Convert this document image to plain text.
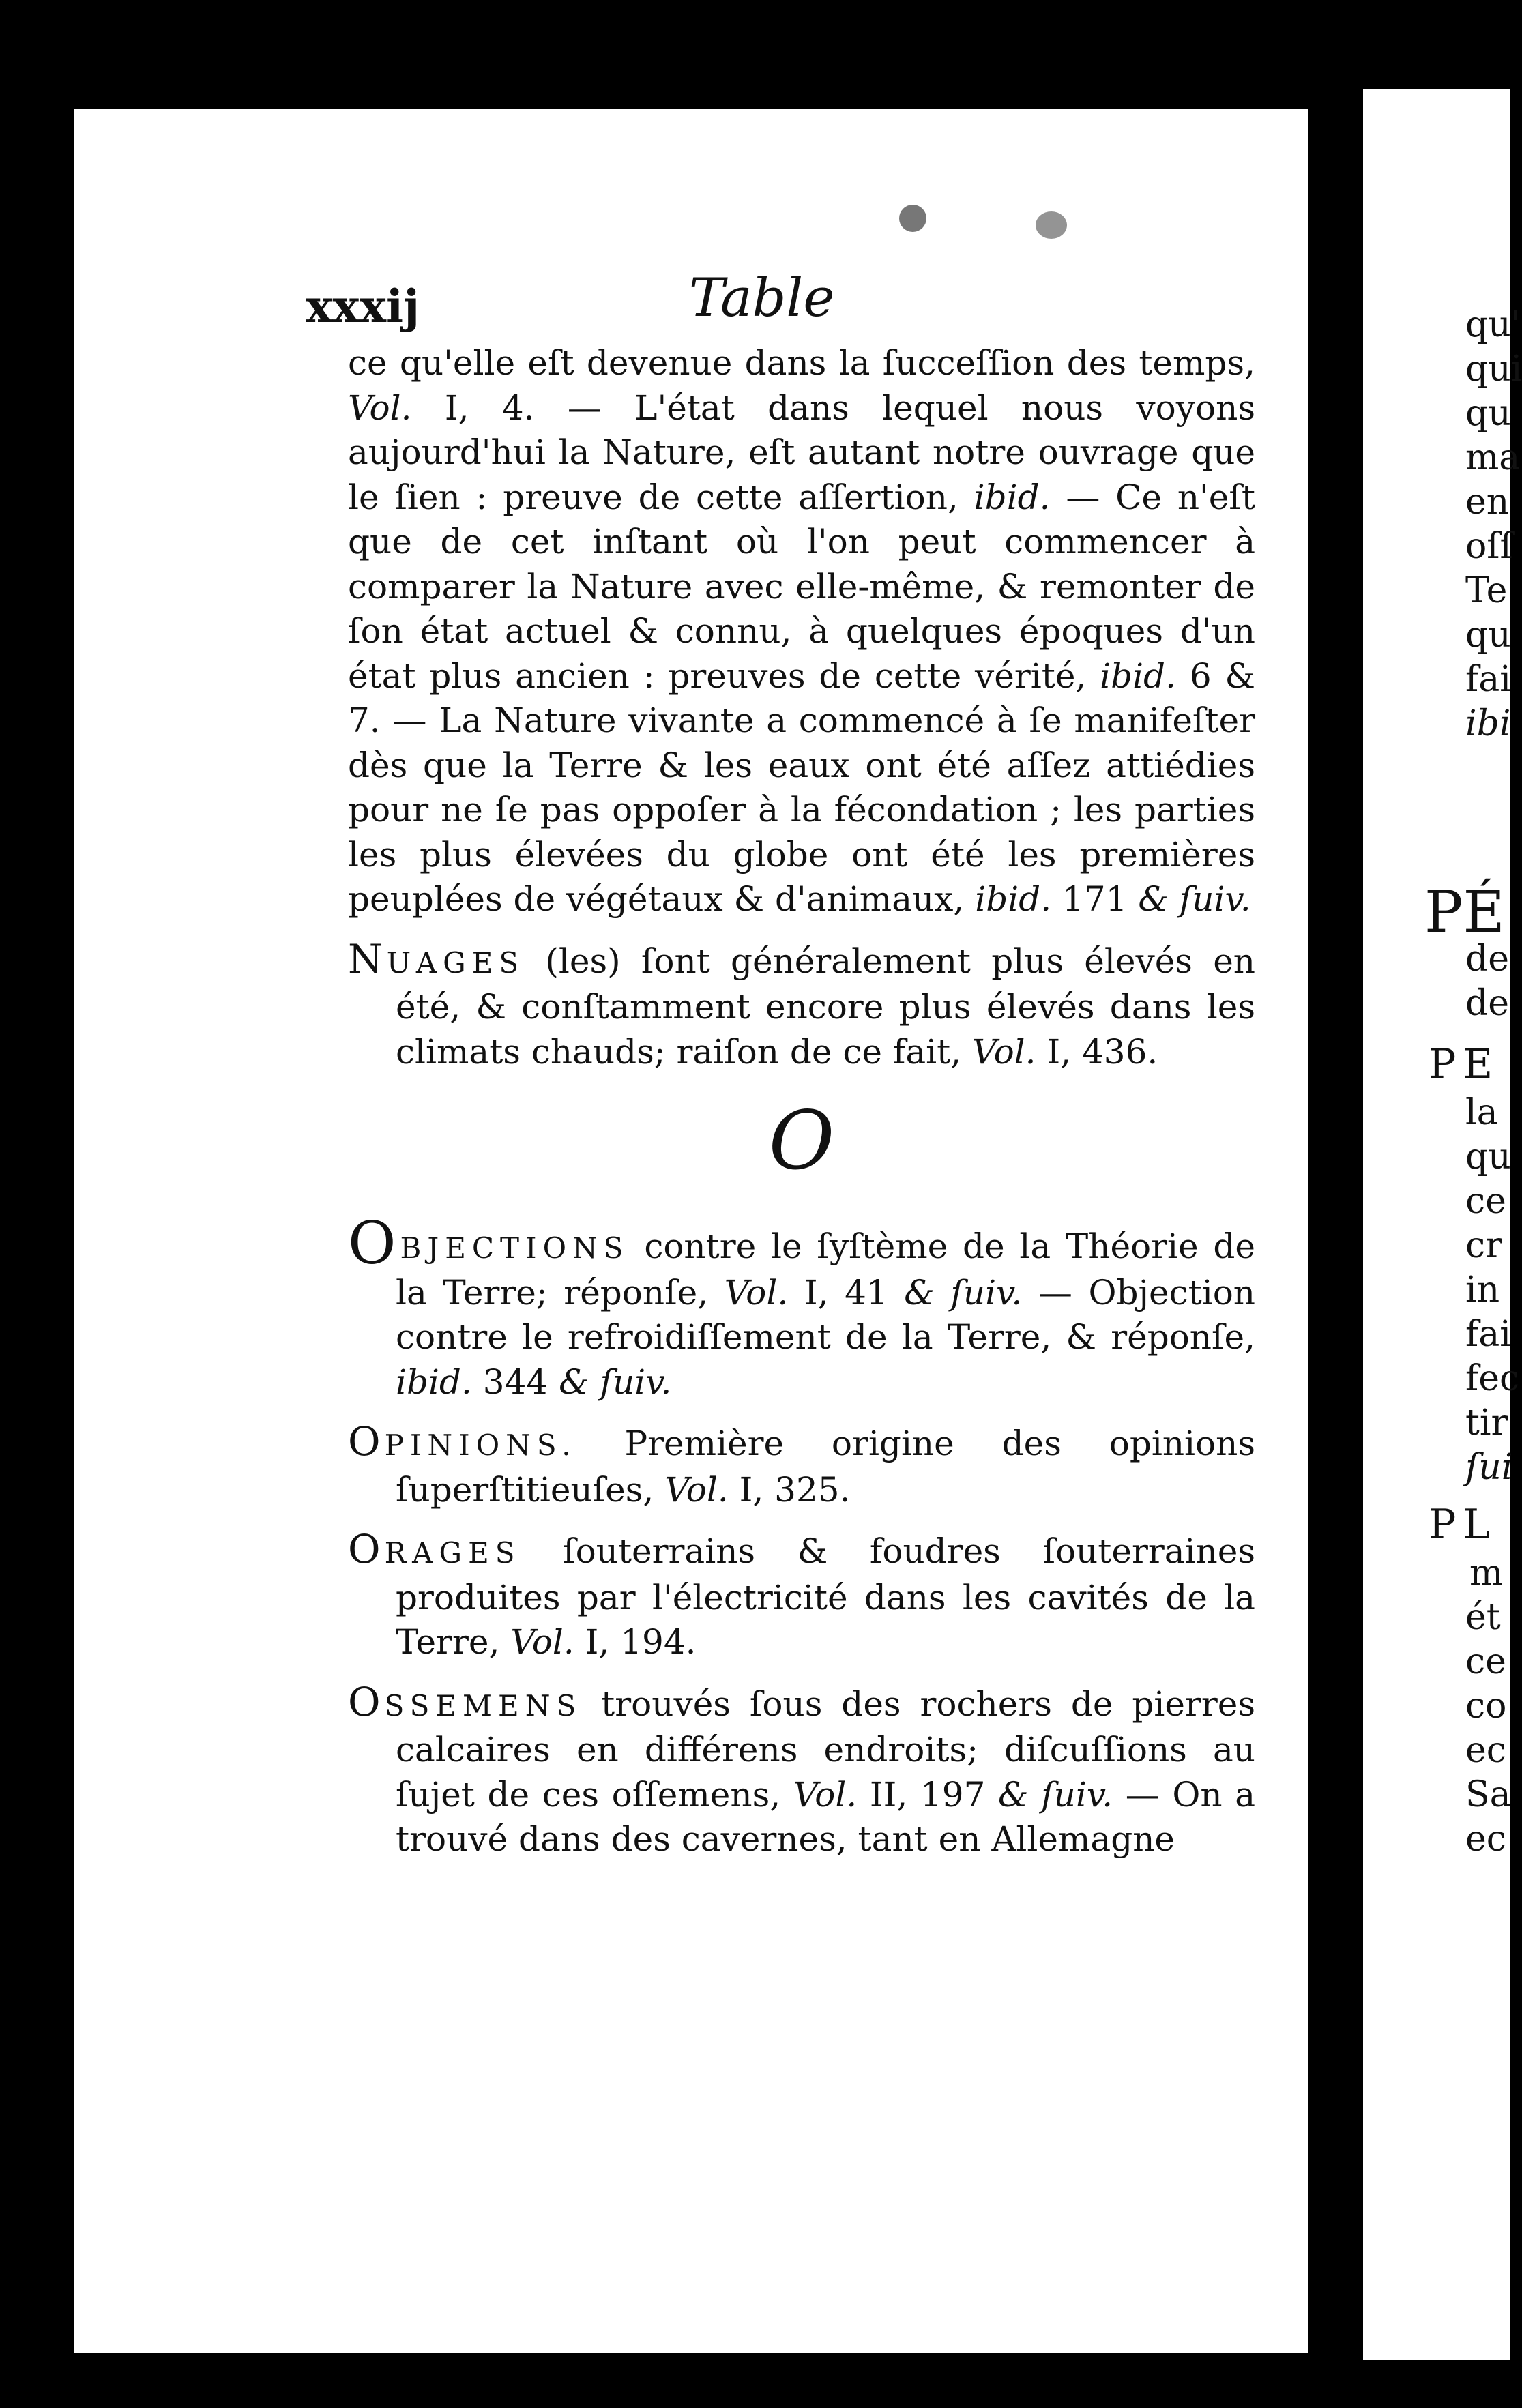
qu'
qui
qu
ma
en
oſſ
Te
qu
fai
ibi
PÉ
de
de
PE
la
qu
ce
cr
in
fai
fec
tir
ſui
PL
m
ét
ce
co
ec
Sa
ec
xxxij	Table

ce qu'elle eſt devenue dans la ſucceſſion des temps, Vol. I, 4. — L'état dans lequel nous voyons aujourd'hui la Nature, eſt autant notre ouvrage que le ſien : preuve de cette aſſertion, ibid. — Ce n'eſt que de cet inſtant où l'on peut commencer à comparer la Nature avec elle-même, & remonter de ſon état actuel & connu, à quelques époques d'un état plus ancien : preuves de cette vérité, ibid. 6 & 7. — La Nature vivante a commencé à ſe manifeſter dès que la Terre & les eaux ont été aſſez attiédies pour ne ſe pas oppoſer à la fécondation ; les parties les plus élevées du globe ont été les premières peuplées de végétaux & d'animaux, ibid. 171 & ſuiv.

NUAGES (les) ſont généralement plus élevés en été, & conſtamment encore plus élevés dans les climats chauds; raiſon de ce fait, Vol. I, 436.

O

OBJECTIONS contre le ſyſtème de la Théorie de la Terre; réponſe, Vol. I, 41 & ſuiv. — Objection contre le refroidiſſement de la Terre, & réponſe, ibid. 344 & ſuiv.

OPINIONS. Première origine des opinions ſuperſtitieuſes, Vol. I, 325.

ORAGES ſouterrains & foudres ſouterraines produites par l'électricité dans les cavités de la Terre, Vol. I, 194.

OSSEMENS trouvés ſous des rochers de pierres calcaires en différens endroits; diſcuſſions au ſujet de ces oſſemens, Vol. II, 197 & ſuiv. — On a trouvé dans des cavernes, tant en Allemagne
